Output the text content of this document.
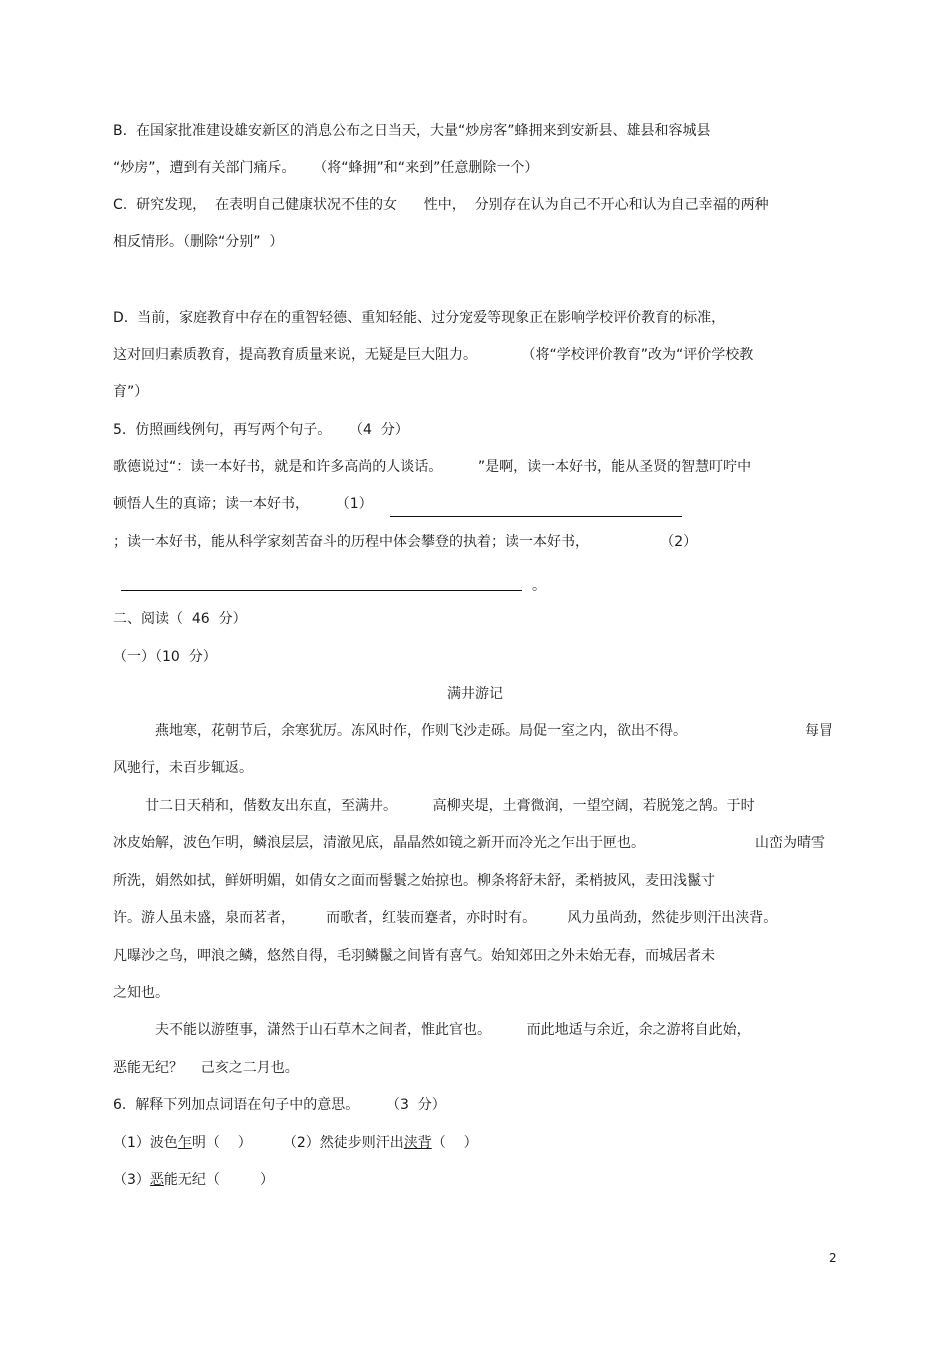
B.  在国家批准建设雄安新区的消息公布之日当天，大量“炒房客”蜂拥来到安新县、雄县和容城县
“炒房”，遭到有关部门痛斥。    （将“蜂拥”和“来到”任意删除一个）
C.  研究发现，  在表明自己健康状况不佳的女      性中，  分别存在认为自己不开心和认为自己幸福的两种
相反情形。（删除“分别”  ）
D.  当前，家庭教育中存在的重智轻德、重知轻能、过分宠爱等现象正在影响学校评价教育的标准，
这对回归素质教育，提高教育质量来说，无疑是巨大阻力。          （将“学校评价教育”改为“评价学校教
育”）
5.  仿照画线例句，再写两个句子。    （4  分）
歌德说过“：读一本好书，就是和许多高尚的人谈话。        ”是啊，读一本好书，能从圣贤的智慧叮咛中
顿悟人生的真谛；读一本好书，      （1）
；读一本好书，能从科学家刻苦奋斗的历程中体会攀登的执着；读一本好书，                （2）
。
二、阅读（  46  分）
（一）（10  分）
满井游记
燕地寒，花朝节后，余寒犹厉。冻风时作，作则飞沙走砾。局促一室之内，欲出不得。	每冒
风驰行，未百步辄返。
廿二日天稍和，偕数友出东直，至满井。        高柳夹堤，土膏微润，一望空阔，若脱笼之鹄。于时
冰皮始解，波色乍明，鳞浪层层，清澈见底，晶晶然如镜之新开而冷光之乍出于匣也。	山峦为晴雪
所洗，娟然如拭，鲜妍明媚，如倩女之面而髻鬟之始掠也。柳条将舒未舒，柔梢披风，麦田浅鬣寸
许。游人虽未盛，泉而茗者，       而歌者，红装而蹇者，亦时时有。       风力虽尚劲，然徒步则汗出浃背。
凡曝沙之鸟，呷浪之鳞，悠然自得，毛羽鳞鬣之间皆有喜气。始知郊田之外未始无春，而城居者未
之知也。
夫不能以游堕事，潇然于山石草木之间者，惟此官也。        而此地适与余近，余之游将自此始，
恶能无纪？    己亥之二月也。
6.  解释下列加点词语在句子中的意思。      （3  分）
（1）波色乍明（    ）       （2）然徒步则汗出浃背（    ）
（3）恶能无纪（         ）
2
